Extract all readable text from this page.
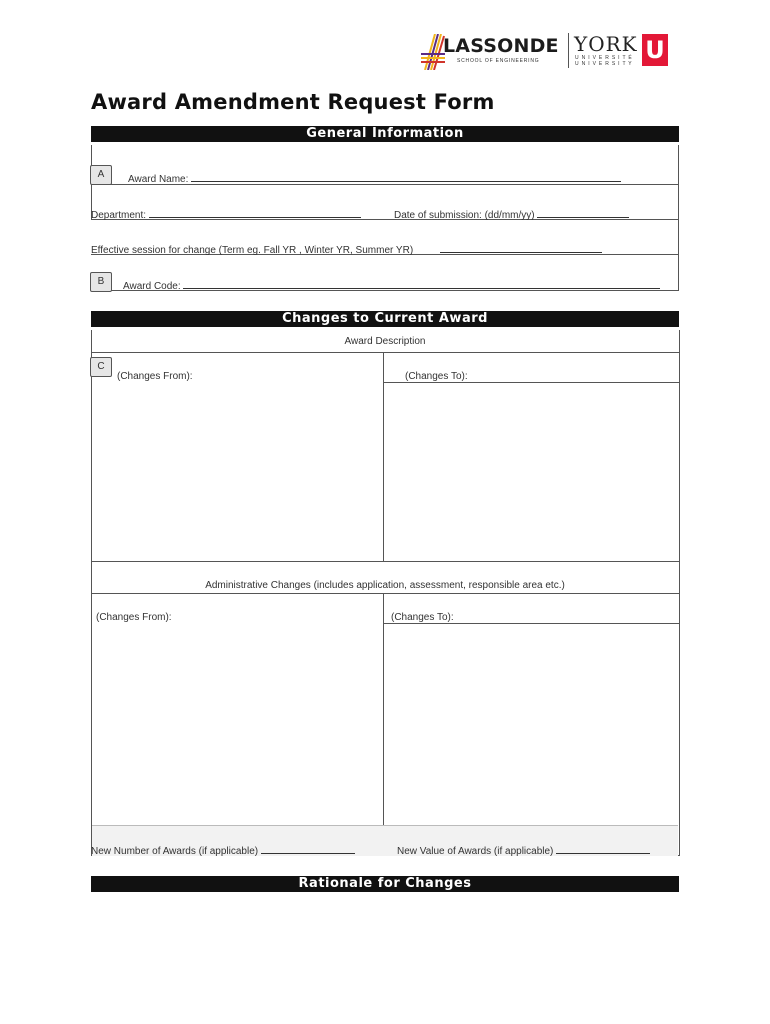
LASSONDE
SCHOOL OF ENGINEERING
YORK
U N I V E R S I T É
U N I V E R S I T Y U
Award Amendment Request Form
General Information
A	Award Name:
Department:	Date of submission: (dd/mm/yy)
Effective session for change (Term eg. Fall YR , Winter YR, Summer YR)
B	Award Code:
Changes to Current Award
Award Description
C
(Changes From):	(Changes To):
Administrative Changes (includes application, assessment, responsible area etc.)
(Changes From):	(Changes To):
New Number of Awards (if applicable)	New Value of Awards (if applicable)
Rationale for Changes
